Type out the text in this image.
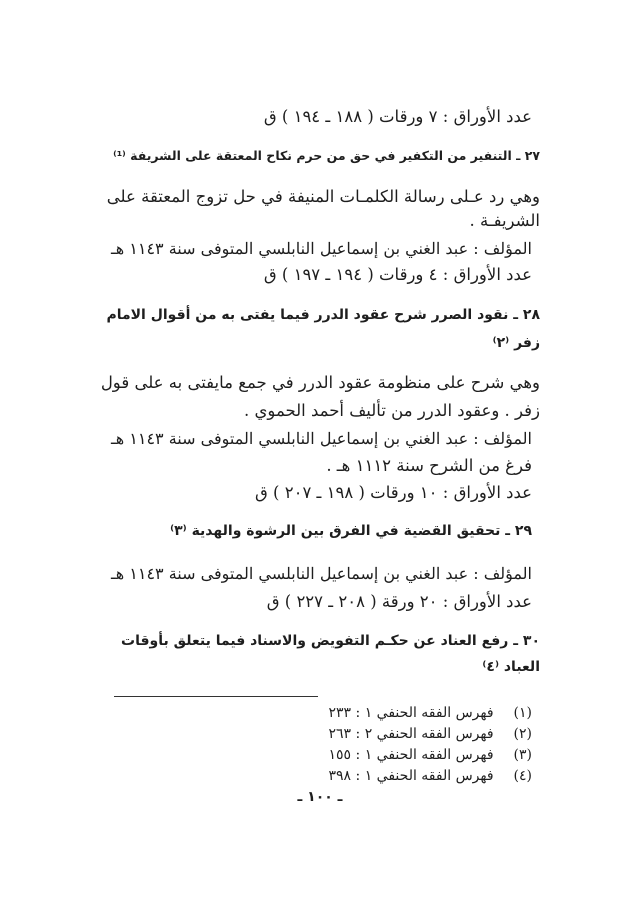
عدد الأوراق : ٧ ورقات ( ١٨٨ ـ ١٩٤ ) ق
٢٧ ـ التنفير من التكفير في حق من حرم نكاح المعتقة على الشريفة ⁽¹⁾
وهي رد عـلى رسالة الكلمـات المنيفة في حل تزوج المعتقة على
الشريفـة .
المؤلف : عبد الغني بن إسماعيل النابلسي المتوفى سنة ١١٤٣ هـ
عدد الأوراق : ٤ ورقات ( ١٩٤ ـ ١٩٧ ) ق
٢٨ ـ نقود الصرر شرح عقود الدرر فيما يفتى به من أقوال الامام
زفر ⁽٢⁾
وهي شرح على منظومة عقود الدرر في جمع مايفتى به على قول
زفر . وعقود الدرر من تأليف أحمد الحموي .
المؤلف : عبد الغني بن إسماعيل النابلسي المتوفى سنة ١١٤٣ هـ
فرغ من الشرح سنة ١١١٢ هـ .
عدد الأوراق : ١٠ ورقات ( ١٩٨ ـ ٢٠٧ ) ق
٢٩ ـ تحقيق القضية في الفرق بين الرشوة والهدية ⁽٣⁾
المؤلف : عبد الغني بن إسماعيل النابلسي المتوفى سنة ١١٤٣ هـ
عدد الأوراق : ٢٠ ورقة ( ٢٠٨ ـ ٢٢٧ ) ق
٣٠ ـ رفع العناد عن حكـم التفويض والاسناد فيما يتعلق بأوقات
العباد ⁽٤⁾
(١) فهرس الفقه الحنفي ١ : ٢٣٣
(٢) فهرس الفقه الحنفي ٢ : ٢٦٣
(٣) فهرس الفقه الحنفي ١ : ١٥٥
(٤) فهرس الفقه الحنفي ١ : ٣٩٨
ـ ١٠٠ ـ
